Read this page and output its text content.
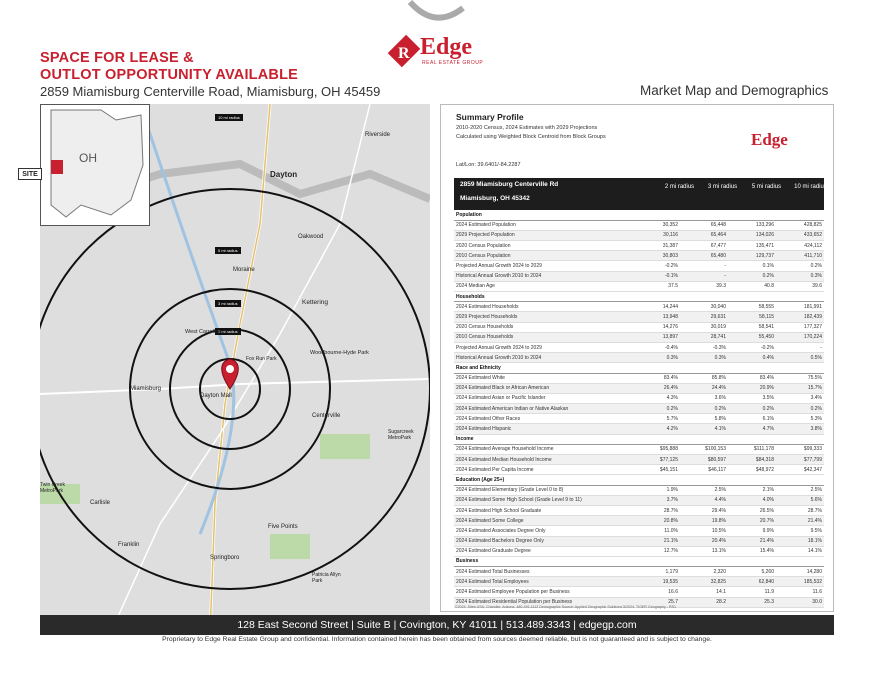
SPACE FOR LEASE &
OUTLOT OPPORTUNITY AVAILABLE
2859 Miamisburg Centerville Road, Miamisburg, OH 45459	Market Map and Demographics
R Edge
REAL ESTATE GROUP
10 mi radius
5 mi radius
3 mi radius
2 mi radius
Riverside
Dayton
Oakwood
Moraine
Kettering
West Carrollton
Woodbourne-Hyde Park
Miamisburg
Dayton Mall
Centerville
Sugarcreek MetroPark
Twin Creek MetroPark
Carlisle
Five Points
Franklin
Springboro
Patricia Allyn Park
Fox Run Park
OH
SITE
Summary Profile
2010-2020 Census, 2024 Estimates with 2029 Projections
Calculated using Weighted Block Centroid from Block Groups
Lat/Lon: 39.6401/-84.2287
Edge
2859 Miamisburg Centerville Rd
Miamisburg, OH 45342
2 mi radius	3 mi radius	5 mi radius	10 mi radius
Population				
2024 Estimated Population	30,352	65,448	133,296	428,825
2029 Projected Population	30,116	65,464	134,026	433,652
2020 Census Population	31,387	67,477	135,471	424,112
2010 Census Population	30,803	65,480	129,737	411,710
Projected Annual Growth 2024 to 2029	-0.2%	-	0.1%	0.2%
Historical Annual Growth 2010 to 2024	-0.1%	-	0.2%	0.3%
2024 Median Age	37.5	39.3	40.8	39.6
Households				
2024 Estimated Households	14,244	30,040	58,555	181,991
2029 Projected Households	13,948	29,631	58,115	182,439
2020 Census Households	14,276	30,019	58,541	177,327
2010 Census Households	13,897	28,741	55,450	170,224
Projected Annual Growth 2024 to 2029	-0.4%	-0.3%	-0.2%	-
Historical Annual Growth 2010 to 2024	0.3%	0.3%	0.4%	0.5%
Race and Ethnicity				
2024 Estimated White	83.4%	85.8%	83.4%	75.5%
2024 Estimated Black or African American	26.4%	24.4%	20.9%	15.7%
2024 Estimated Asian or Pacific Islander	4.3%	3.6%	3.5%	3.4%
2024 Estimated American Indian or Native Alaskan	0.2%	0.2%	0.2%	0.2%
2024 Estimated Other Races	5.7%	5.8%	6.1%	5.3%
2024 Estimated Hispanic	4.2%	4.1%	4.7%	3.8%
Income				
2024 Estimated Average Household Income	$95,888	$100,153	$111,178	$99,333
2024 Estimated Median Household Income	$77,125	$80,597	$84,318	$77,799
2024 Estimated Per Capita Income	$45,151	$46,117	$48,972	$42,347
Education (Age 25+)				
2024 Estimated Elementary (Grade Level 0 to 8)	1.9%	2.5%	2.1%	2.5%
2024 Estimated Some High School (Grade Level 9 to 11)	3.7%	4.4%	4.0%	5.6%
2024 Estimated High School Graduate	28.7%	29.4%	26.5%	28.7%
2024 Estimated Some College	20.8%	19.8%	20.7%	21.4%
2024 Estimated Associates Degree Only	11.0%	10.5%	9.9%	9.5%
2024 Estimated Bachelors Degree Only	21.1%	20.4%	21.4%	18.1%
2024 Estimated Graduate Degree	12.7%	13.1%	15.4%	14.1%
Business				
2024 Estimated Total Businesses	1,179	2,320	5,260	14,280
2024 Estimated Total Employees	19,535	32,825	62,840	185,532
2024 Estimated Employee Population per Business	16.6	14.1	11.9	11.6
2024 Estimated Residential Population per Business	25.7	28.2	25.3	30.0
©2024, Sites USA, Chandler, Arizona, 480-491-1112 Demographic Source: Applied Geographic Solutions 5/2024, TIGER Geography - RS1
128 East Second Street | Suite B | Covington, KY 41011 | 513.489.3343 | edgegp.com
Proprietary to Edge Real Estate Group and confidential. Information contained herein has been obtained from sources deemed reliable, but is not guaranteed and is subject to change.
